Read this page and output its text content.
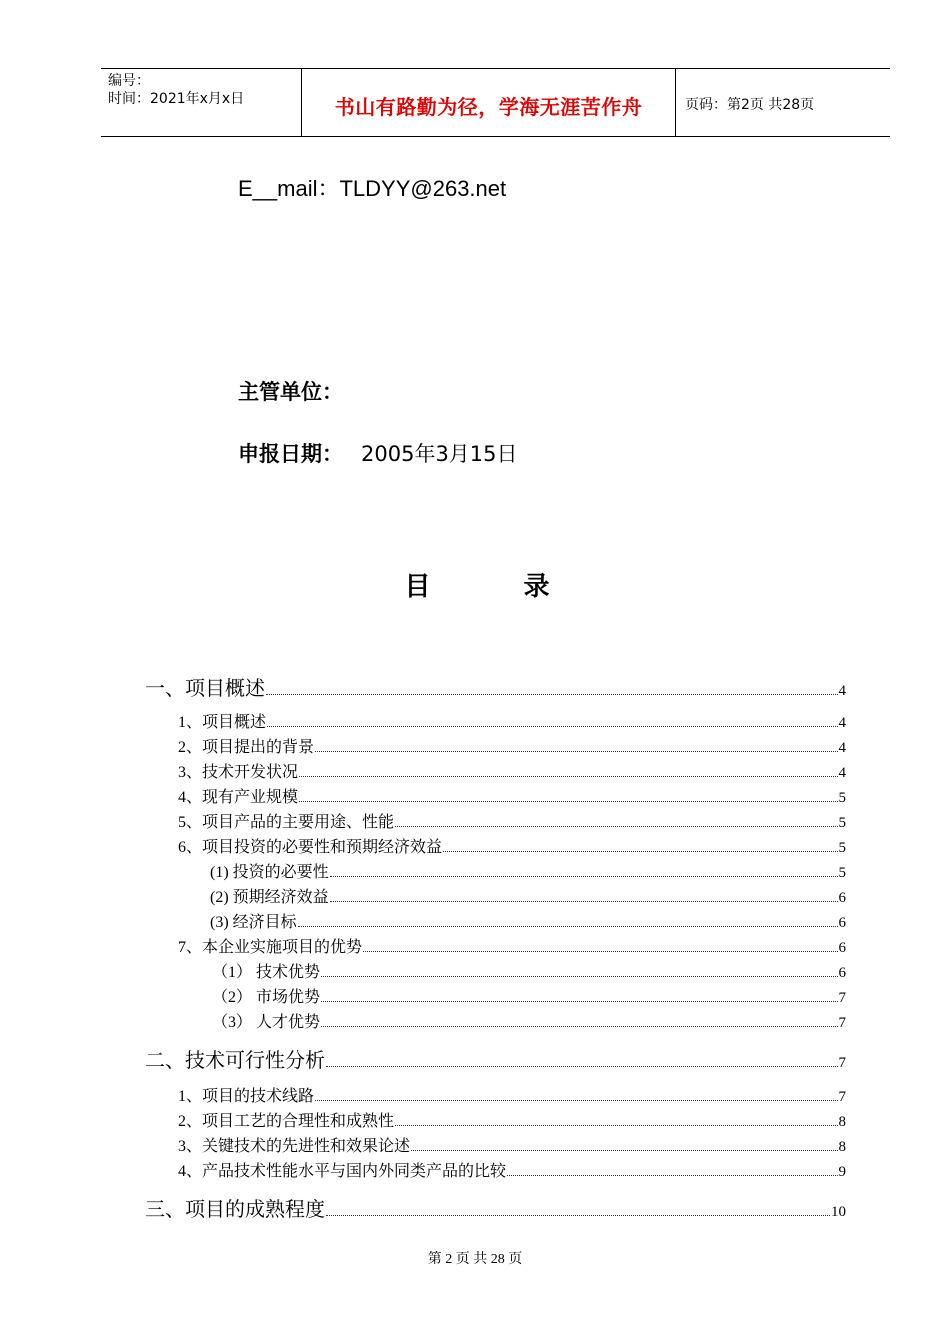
编号：
时间：2021年x月x日	书山有路勤为径，学海无涯苦作舟	页码：第2页 共28页
E__mail：TLDYY@263.net
主管单位：
申报日期： 2005年3月15日
目 录
一、项目概述	4
1、项目概述	4
2、项目提出的背景	4
3、技术开发状况	4
4、现有产业规模	5
5、项目产品的主要用途、性能	5
6、项目投资的必要性和预期经济效益	5
(1) 投资的必要性	5
(2) 预期经济效益	6
(3) 经济目标	6
7、本企业实施项目的优势	6
（1） 技术优势	6
（2） 市场优势	7
（3） 人才优势	7
二、技术可行性分析	7
1、项目的技术线路	7
2、项目工艺的合理性和成熟性	8
3、关键技术的先进性和效果论述	8
4、产品技术性能水平与国内外同类产品的比较	9
三、项目的成熟程度	10
第 2 页 共 28 页
